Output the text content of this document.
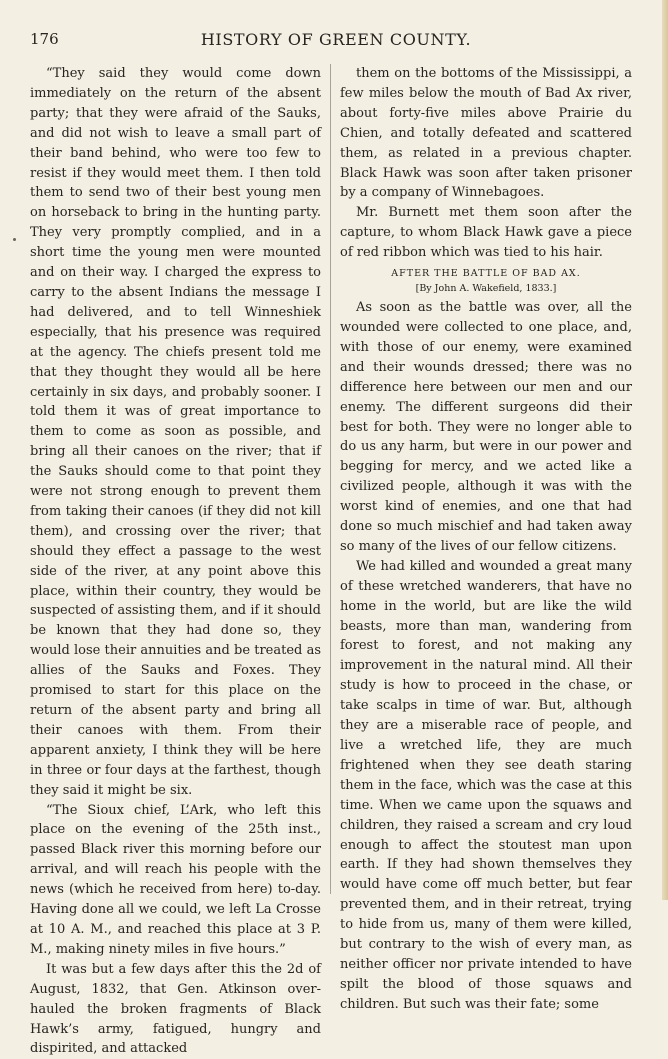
176	HISTORY OF GREEN COUNTY.

“They said they would come down immediately on the return of the absent party; that they were afraid of the Sauks, and did not wish to leave a small part of their band behind, who were too few to resist if they would meet them. I then told them to send two of their best young men on horseback to bring in the hunting party. They very promptly complied, and in a short time the young men were mounted and on their way. I charged the express to carry to the absent Indians the message I had delivered, and to tell Winneshiek especially, that his presence was required at the agency. The chiefs present told me that they thought they would all be here certainly in six days, and probably sooner. I told them it was of great importance to them to come as soon as possible, and bring all their canoes on the river; that if the Sauks should come to that point they were not strong enough to prevent them from taking their canoes (if they did not kill them), and crossing over the river; that should they effect a passage to the west side of the river, at any point above this place, within their country, they would be suspected of assisting them, and if it should be known that they had done so, they would lose their annuities and be treated as allies of the Sauks and Foxes. They promised to start for this place on the return of the absent party and bring all their canoes with them. From their apparent anxiety, I think they will be here in three or four days at the farthest, though they said it might be six.

“The Sioux chief, L’Ark, who left this place on the evening of the 25th inst., passed Black river this morning before our arrival, and will reach his people with the news (which he received from here) to-day. Having done all we could, we left La Crosse at 10 A. M., and reached this place at 3 P. M., making ninety miles in five hours.”

It was but a few days after this the 2d of August, 1832, that Gen. Atkinson over-hauled the broken fragments of Black Hawk’s army, fatigued, hungry and dispirited, and attacked

them on the bottoms of the Mississippi, a few miles below the mouth of Bad Ax river, about forty-five miles above Prairie du Chien, and totally defeated and scattered them, as related in a previous chapter. Black Hawk was soon after taken prisoner by a company of Winnebagoes.

Mr. Burnett met them soon after the capture, to whom Black Hawk gave a piece of red ribbon which was tied to his hair.

AFTER THE BATTLE OF BAD AX.

[By John A. Wakefield, 1833.]

As soon as the battle was over, all the wounded were collected to one place, and, with those of our enemy, were examined and their wounds dressed; there was no difference here between our men and our enemy. The different surgeons did their best for both. They were no longer able to do us any harm, but were in our power and begging for mercy, and we acted like a civilized people, although it was with the worst kind of enemies, and one that had done so much mischief and had taken away so many of the lives of our fellow citizens.

We had killed and wounded a great many of these wretched wanderers, that have no home in the world, but are like the wild beasts, more than man, wandering from forest to forest, and not making any improvement in the natural mind. All their study is how to proceed in the chase, or take scalps in time of war. But, although they are a miserable race of people, and live a wretched life, they are much frightened when they see death staring them in the face, which was the case at this time. When we came upon the squaws and children, they raised a scream and cry loud enough to affect the stoutest man upon earth. If they had shown themselves they would have come off much better, but fear prevented them, and in their retreat, trying to hide from us, many of them were killed, but contrary to the wish of every man, as neither officer nor private intended to have spilt the blood of those squaws and children. But such was their fate; some
